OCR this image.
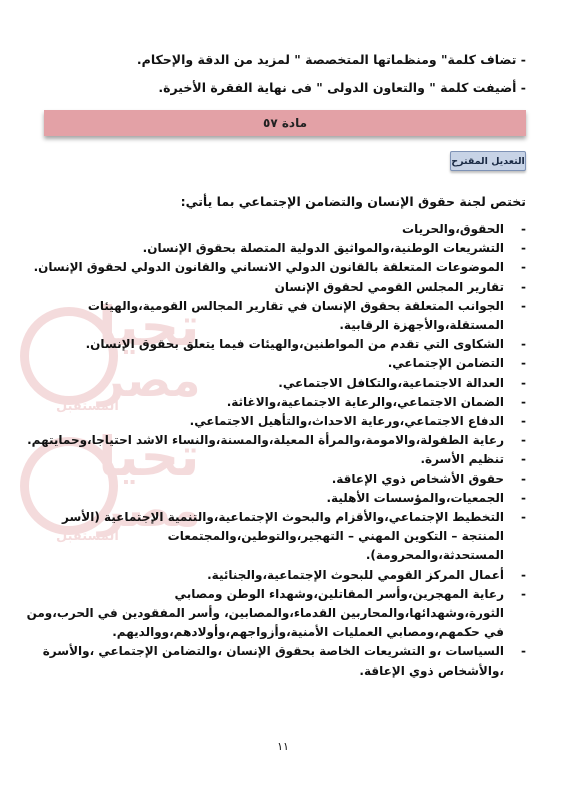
تحيا
مصر
المستقبل
تحيا
مصر
المستقبل
- تضاف كلمة" ومنظماتها المتخصصة " لمزيد من الدقة والإحكام.
- أضيفت كلمة " والتعاون الدولى " فى نهاية الفقرة الأخيرة.
مادة ٥٧
التعديل المقترح
تختص لجنة حقوق الإنسان والتضامن الإجتماعي بما يأتي:
-
الحقوق،والحريات
-
التشريعات الوطنية،والمواثيق الدولية المتصلة بحقوق الإنسان.
-
الموضوعات المتعلقة بالقانون الدولي الانساني والقانون الدولي لحقوق الإنسان.
-
تقارير المجلس القومي لحقوق الإنسان
-
الجوانب المتعلقة بحقوق الإنسان في تقارير المجالس القومية،والهيئات المستقلة،والأجهزة الرقابية.
-
الشكاوى التي تقدم من المواطنين،والهيئات فيما يتعلق بحقوق الإنسان.
-
التضامن الإجتماعي.
-
العدالة الاجتماعية،والتكافل الاجتماعي.
-
الضمان الاجتماعي،والرعاية الاجتماعية،والاغاثة.
-
الدفاع الاجتماعي،ورعاية الاحداث،والتأهيل الاجتماعي.
-
رعاية الطفولة،والامومة،والمرأة المعيلة،والمسنة،والنساء الاشد احتياجا،وحمايتهم.
-
تنظيم الأسرة.
-
حقوق الأشخاص ذوي الإعاقة.
-
الجمعيات،والمؤسسات الأهلية.
-
التخطيط الإجتماعي،والأقزام والبحوث الإجتماعية،والتنمية الإجتماعية (الأسر المنتجة – التكوين المهني – التهجير،والتوطين،والمجتمعات المستحدثة،والمحرومة).
-
أعمال المركز القومي للبحوث الإجتماعية،والجنائية.
-
رعاية المهجرين،وأسر المقاتلين،وشهداء الوطن ومصابي الثورة،وشهدائها،والمحاربين القدماء،والمصابين، وأسر المفقودين في الحرب،ومن في حكمهم،ومصابي العمليات الأمنية،وأزواجهم،وأولادهم،ووالديهم.
-
السياسات ،و التشريعات الخاصة بحقوق الإنسان ،والتضامن الإجتماعي ،والأسرة ،والأشخاص ذوي الإعاقة.
١١
